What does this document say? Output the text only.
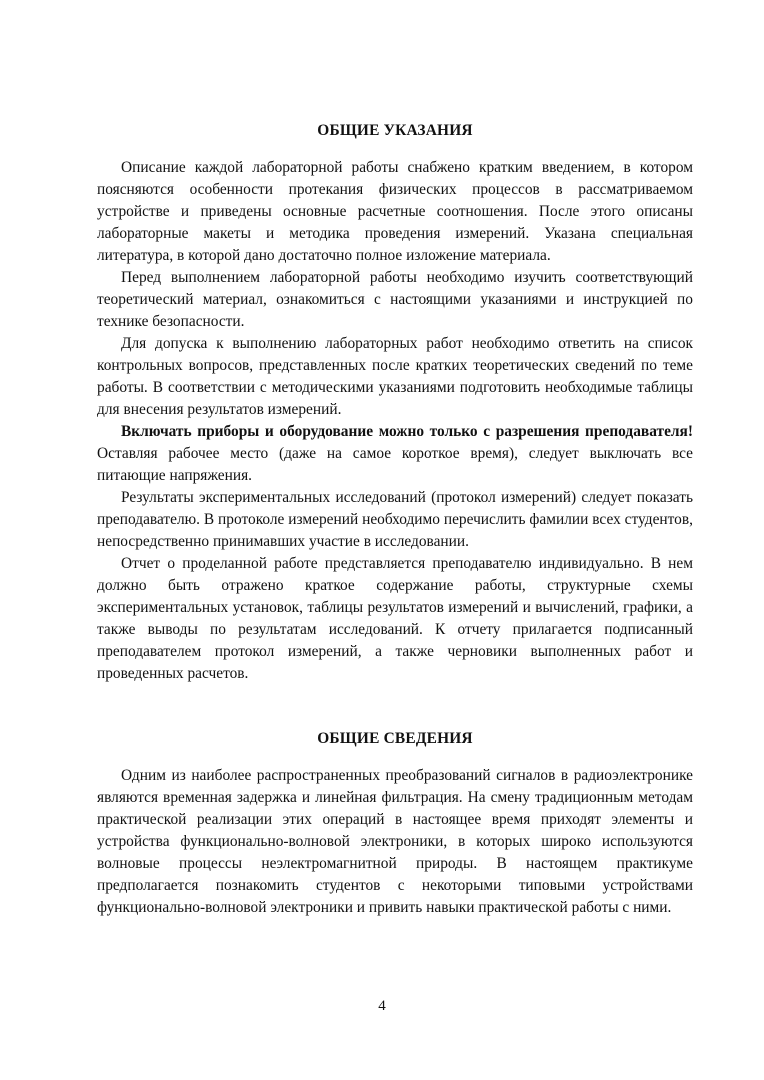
ОБЩИЕ УКАЗАНИЯ

Описание каждой лабораторной работы снабжено кратким введением, в котором поясняются особенности протекания физических процессов в рассматриваемом устройстве и приведены основные расчетные соотношения. После этого описаны лабораторные макеты и методика проведения измерений. Указана специальная литература, в которой дано достаточно полное изложение материала.

Перед выполнением лабораторной работы необходимо изучить соответствующий теоретический материал, ознакомиться с настоящими указаниями и инструкцией по технике безопасности.

Для допуска к выполнению лабораторных работ необходимо ответить на список контрольных вопросов, представленных после кратких теоретических сведений по теме работы. В соответствии с методическими указаниями подготовить необходимые таблицы для внесения результатов измерений.

Включать приборы и оборудование можно только с разрешения преподавателя! Оставляя рабочее место (даже на самое короткое время), следует выключать все питающие напряжения.

Результаты экспериментальных исследований (протокол измерений) следует показать преподавателю. В протоколе измерений необходимо перечислить фамилии всех студентов, непосредственно принимавших участие в исследовании.

Отчет о проделанной работе представляется преподавателю индивидуально. В нем должно быть отражено краткое содержание работы, структурные схемы экспериментальных установок, таблицы результатов измерений и вычислений, графики, а также выводы по результатам исследований. К отчету прилагается подписанный преподавателем протокол измерений, а также черновики выполненных работ и проведенных расчетов.

ОБЩИЕ СВЕДЕНИЯ

Одним из наиболее распространенных преобразований сигналов в радиоэлектронике являются временная задержка и линейная фильтрация. На смену традиционным методам практической реализации этих операций в настоящее время приходят элементы и устройства функционально-волновой электроники, в которых широко используются волновые процессы неэлектромагнитной природы. В настоящем практикуме предполагается познакомить студентов с некоторыми типовыми устройствами функционально-волновой электроники и привить навыки практической работы с ними.

4
